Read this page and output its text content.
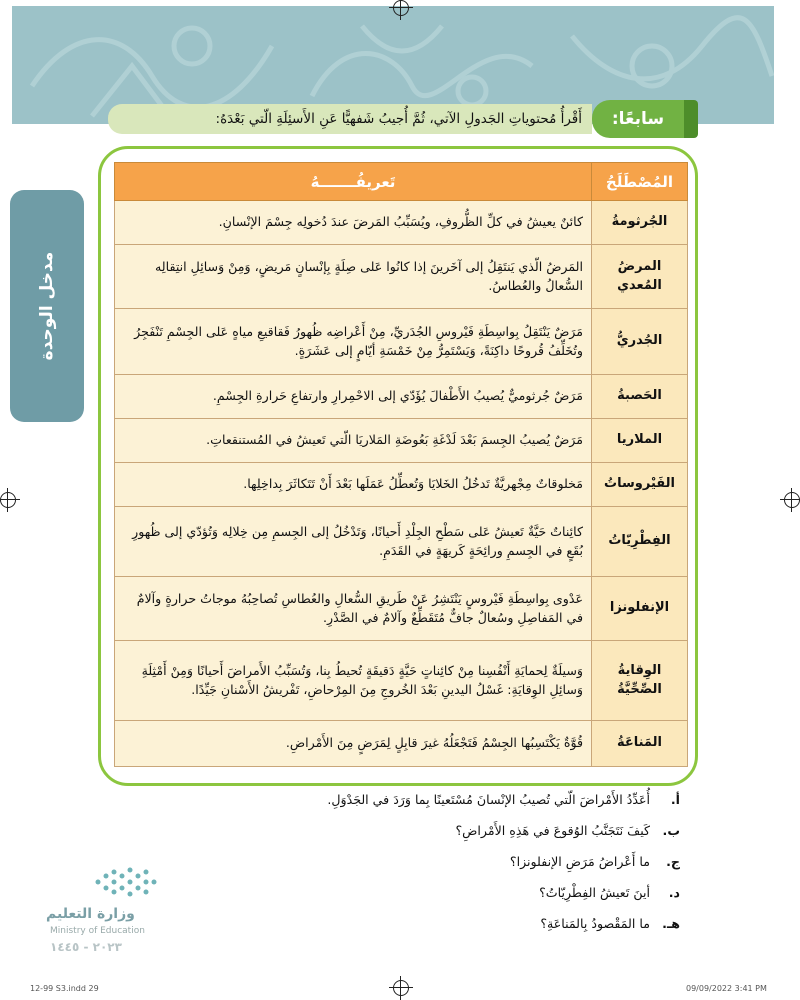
سابعًا:
أَقْرأُ مُحتوياتِ الجَدولِ الآتي، ثُمَّ أُجيبُ شَفهيًّا عَنِ الأَسئِلَةِ الّتي بَعْدَهُ:
مدخل الوحدة
المُصْطَلَحُ	تَعريفُـــــــهُ
الجُرثومةُ	كائنٌ يعيشُ في كلِّ الظُّروفِ، ويُسَبِّبُ المَرضَ عندَ دُخولِه جِسْمَ الإنْسانِ.
المرضُ المُعدي	المَرضُ الّذي يَنتَقِلُ إلى آخَرينَ إذا كانُوا عَلى صِلَةٍ بِإنْسانٍ مَريضٍ، وَمِنْ وَسائِلِ انتِقالِه السُّعالُ والعُطاسُ.
الجُدريُّ	مَرَضٌ يَنْتَقِلُ بِواسِطَةِ فَيْروسِ الجُدَريِّ، مِنْ أَعْراضِه ظُهورُ فَقاقيعِ مياهٍ عَلى الجِسْمِ تَنْفَجِرُ وتُخَلِّفُ قُروحًا داكِنَةً، وَيَسْتَمِرُّ مِنْ خَمْسَةِ أيّامٍ إلى عَشَرَةٍ.
الحَصبةُ	مَرَضٌ جُرثوميٌّ يُصيبُ الأَطْفالَ يُؤَدّي إلى الاحْمِرارِ وارتفاعِ حَرارةِ الجِسْمِ.
الملاريا	مَرَضٌ يُصيبُ الجِسمَ بَعْدَ لَدْغَةِ بَعُوضَةِ المَلاريَا الّتي تَعيشُ في المُستنقعاتِ.
الفَيْروساتُ	مَخلوقاتٌ مِجْهريَّةٌ تَدخُلُ الخَلايَا وَتُعطِّلُ عَمَلَها بَعْدَ أَنْ تَتَكاثَرَ بِداخِلِها.
الفِطْرِيّاتُ	كائِناتٌ حَيَّةٌ تَعيشُ عَلى سَطْحِ الجِلْدِ أَحيانًا، وَتَدْخُلُ إلى الجِسمِ مِن خِلالِه وَتُؤدّي إلى ظُهورِ بُقَعٍ في الجِسمِ ورائِحَةٍ كَريهَةٍ في القَدَمِ.
الإنفلونزا	عَدْوى بِواسِطَةِ فَيْروسٍ يَنْتَشِرُ عَنْ طَريقِ السُّعالِ والعُطاسِ تُصاحِبُهُ موجاتُ حرارةٍ وآلامٌ في المَفاصِلِ وسُعالٌ جافٌّ مُتَقَطِّعٌ وآلامٌ في الصَّدْرِ.
الوِقايةُ الصِّحِّيَّةُ	وَسيلَةٌ لِحمايَةِ أَنْفُسِنا مِنْ كائِناتٍ حَيَّةٍ دَقيقَةٍ تُحيطُ بِنا، وَتُسَبِّبُ الأَمراضَ أَحيانًا وَمِنْ أَمْثِلَةِ وَسائِلِ الوِقايَةِ: غَسْلُ اليدينِ بَعْدَ الخُروجِ مِنَ المِرْحاضِ، تَفْريشُ الأَسْنانِ جَيِّدًا.
المَناعَةُ	قُوَّةٌ يَكْتَسِبُها الجِسْمُ فَتَجْعَلُهُ غيرَ قابِلٍ لِمَرَضٍ مِنَ الأَمْراضِ.
أ. أُعَدِّدُ الأَمْراضَ الّتي تُصيبُ الإنْسانَ مُسْتَعينًا بِما وَرَدَ في الجَدْوَلِ.
ب. كَيفَ نَتَجَنَّبُ الوُقوعَ في هَذِهِ الأَمْراضِ؟
ج. ما أَعْراضُ مَرَضِ الإنفلونزا؟
د. أينَ تَعيشُ الفِطْرِيّاتُ؟
هـ. ما المَقْصودُ بِالمَناعَةِ؟
وزارة التعليم
Ministry of Education
٢٠٢٣ - ١٤٤٥
12-99 S3.indd 29	09/09/2022 3:41 PM
